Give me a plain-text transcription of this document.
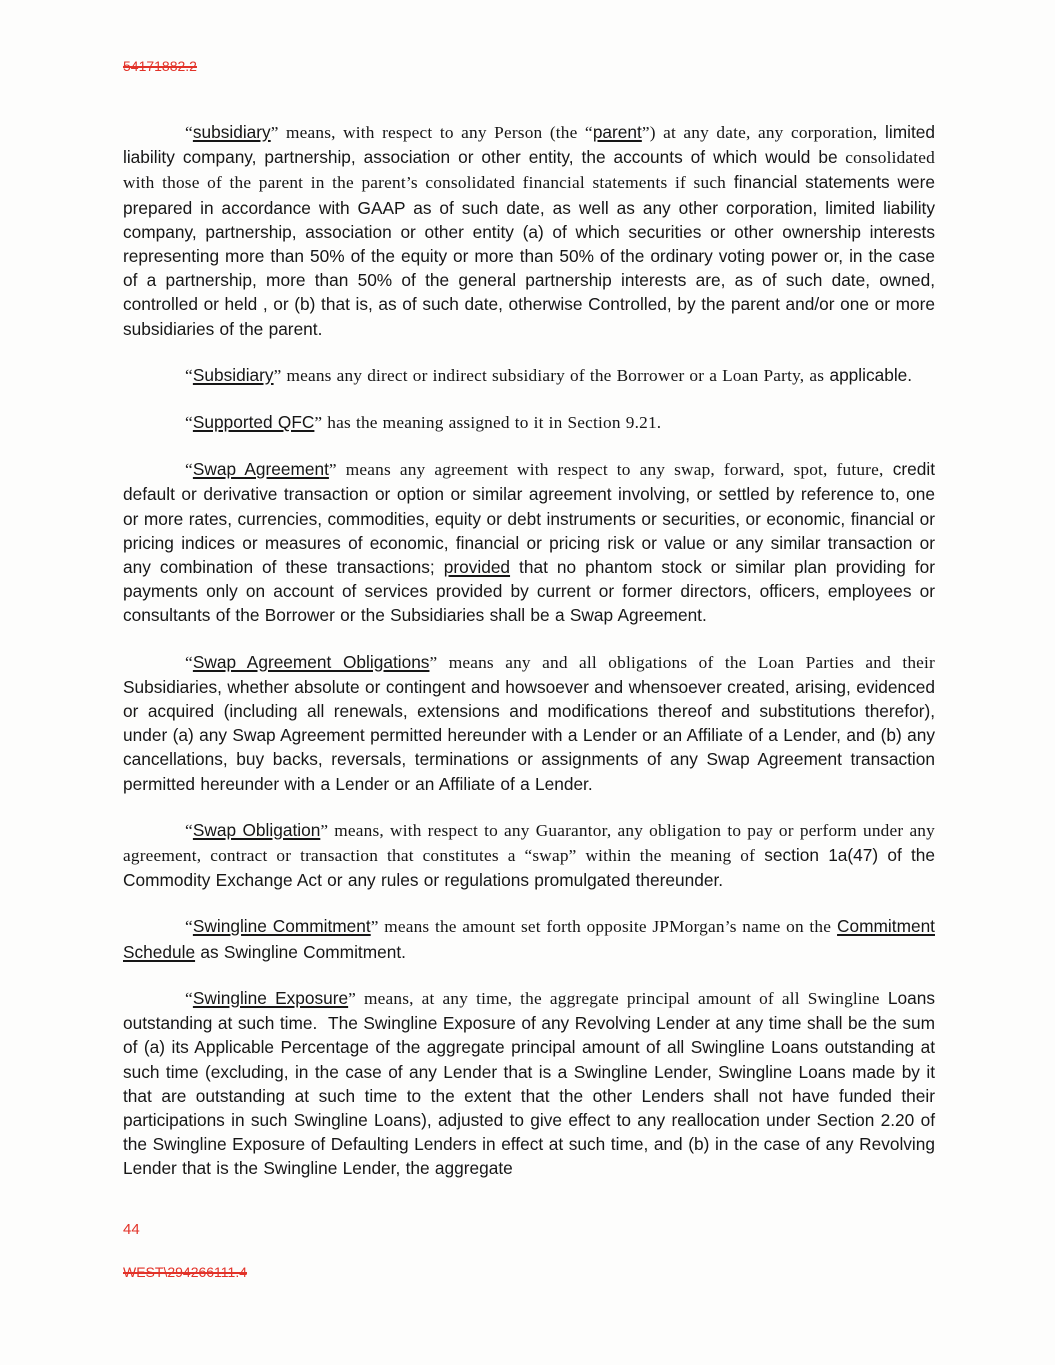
54171882.2

“subsidiary” means, with respect to any Person (the “parent”) at any date, any corporation, limited liability company, partnership, association or other entity, the accounts of which would be consolidated with those of the parent in the parent’s consolidated financial statements if such financial statements were prepared in accordance with GAAP as of such date, as well as any other corporation, limited liability company, partnership, association or other entity (a) of which securities or other ownership interests representing more than 50% of the equity or more than 50% of the ordinary voting power or, in the case of a partnership, more than 50% of the general partnership interests are, as of such date, owned, controlled or held , or (b) that is, as of such date, otherwise Controlled, by the parent and/or one or more subsidiaries of the parent.

“Subsidiary” means any direct or indirect subsidiary of the Borrower or a Loan Party, as applicable.

“Supported QFC” has the meaning assigned to it in Section 9.21.

“Swap Agreement” means any agreement with respect to any swap, forward, spot, future, credit default or derivative transaction or option or similar agreement involving, or settled by reference to, one or more rates, currencies, commodities, equity or debt instruments or securities, or economic, financial or pricing indices or measures of economic, financial or pricing risk or value or any similar transaction or any combination of these transactions; provided that no phantom stock or similar plan providing for payments only on account of services provided by current or former directors, officers, employees or consultants of the Borrower or the Subsidiaries shall be a Swap Agreement.

“Swap Agreement Obligations” means any and all obligations of the Loan Parties and their Subsidiaries, whether absolute or contingent and howsoever and whensoever created, arising, evidenced or acquired (including all renewals, extensions and modifications thereof and substitutions therefor), under (a) any Swap Agreement permitted hereunder with a Lender or an Affiliate of a Lender, and (b) any cancellations, buy backs, reversals, terminations or assignments of any Swap Agreement transaction permitted hereunder with a Lender or an Affiliate of a Lender.

“Swap Obligation” means, with respect to any Guarantor, any obligation to pay or perform under any agreement, contract or transaction that constitutes a “swap” within the meaning of section 1a(47) of the Commodity Exchange Act or any rules or regulations promulgated thereunder.

“Swingline Commitment” means the amount set forth opposite JPMorgan’s name on the Commitment Schedule as Swingline Commitment.

“Swingline Exposure” means, at any time, the aggregate principal amount of all Swingline Loans outstanding at such time.  The Swingline Exposure of any Revolving Lender at any time shall be the sum of (a) its Applicable Percentage of the aggregate principal amount of all Swingline Loans outstanding at such time (excluding, in the case of any Lender that is a Swingline Lender, Swingline Loans made by it that are outstanding at such time to the extent that the other Lenders shall not have funded their participations in such Swingline Loans), adjusted to give effect to any reallocation under Section 2.20 of the Swingline Exposure of Defaulting Lenders in effect at such time, and (b) in the case of any Revolving Lender that is the Swingline Lender, the aggregate

44
WEST\294266111.4
